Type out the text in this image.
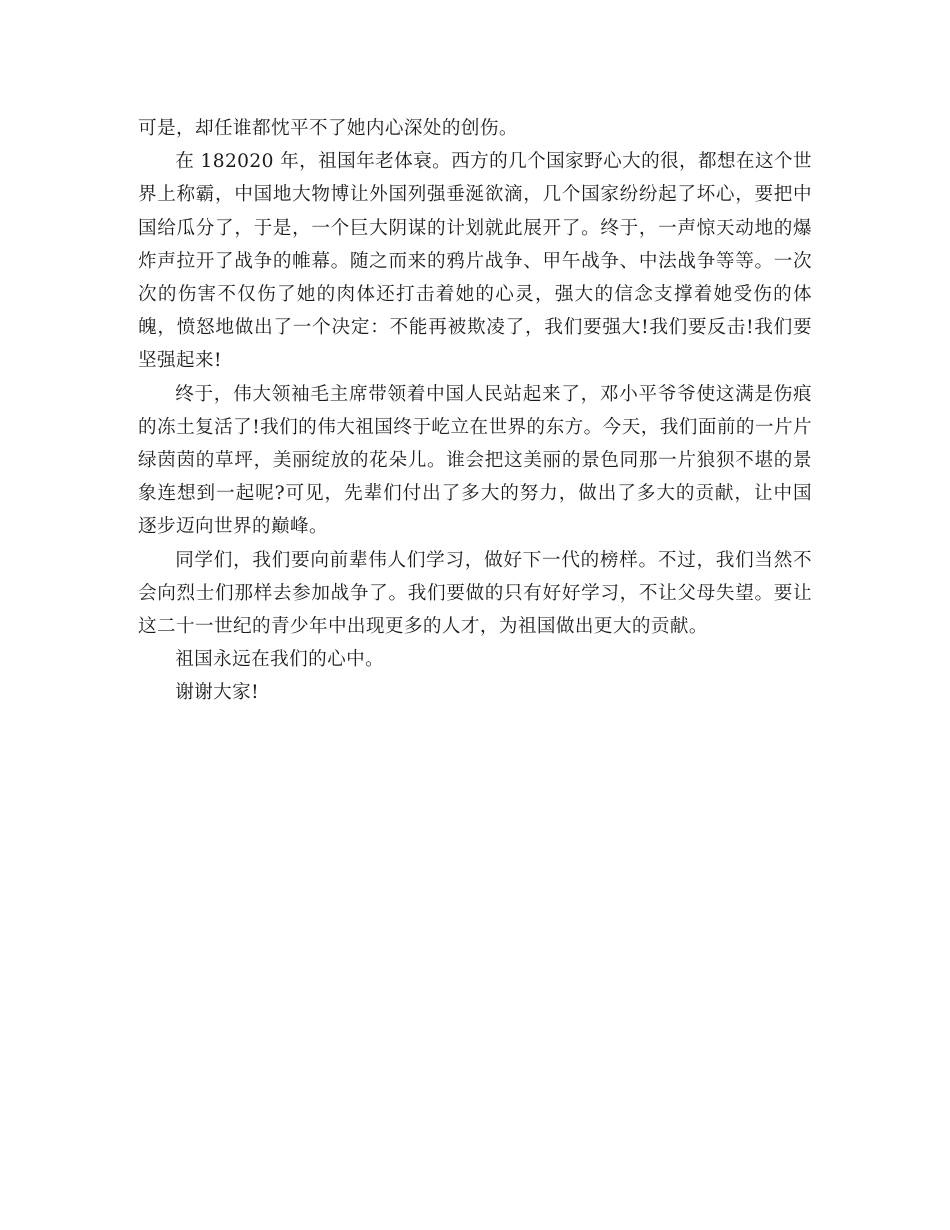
可是，却任谁都忱平不了她内心深处的创伤。

在 182020 年，祖国年老体衰。西方的几个国家野心大的很，都想在这个世界上称霸，中国地大物博让外国列强垂涎欲滴，几个国家纷纷起了坏心，要把中国给瓜分了，于是，一个巨大阴谋的计划就此展开了。终于，一声惊天动地的爆炸声拉开了战争的帷幕。随之而来的鸦片战争、甲午战争、中法战争等等。一次次的伤害不仅伤了她的肉体还打击着她的心灵，强大的信念支撑着她受伤的体魄，愤怒地做出了一个决定：不能再被欺凌了，我们要强大!我们要反击!我们要坚强起来!

终于，伟大领袖毛主席带领着中国人民站起来了，邓小平爷爷使这满是伤痕的冻土复活了!我们的伟大祖国终于屹立在世界的东方。今天，我们面前的一片片绿茵茵的草坪，美丽绽放的花朵儿。谁会把这美丽的景色同那一片狼狈不堪的景象连想到一起呢?可见，先辈们付出了多大的努力，做出了多大的贡献，让中国逐步迈向世界的巅峰。

同学们，我们要向前辈伟人们学习，做好下一代的榜样。不过，我们当然不会向烈士们那样去参加战争了。我们要做的只有好好学习，不让父母失望。要让这二十一世纪的青少年中出现更多的人才，为祖国做出更大的贡献。

祖国永远在我们的心中。

谢谢大家!
